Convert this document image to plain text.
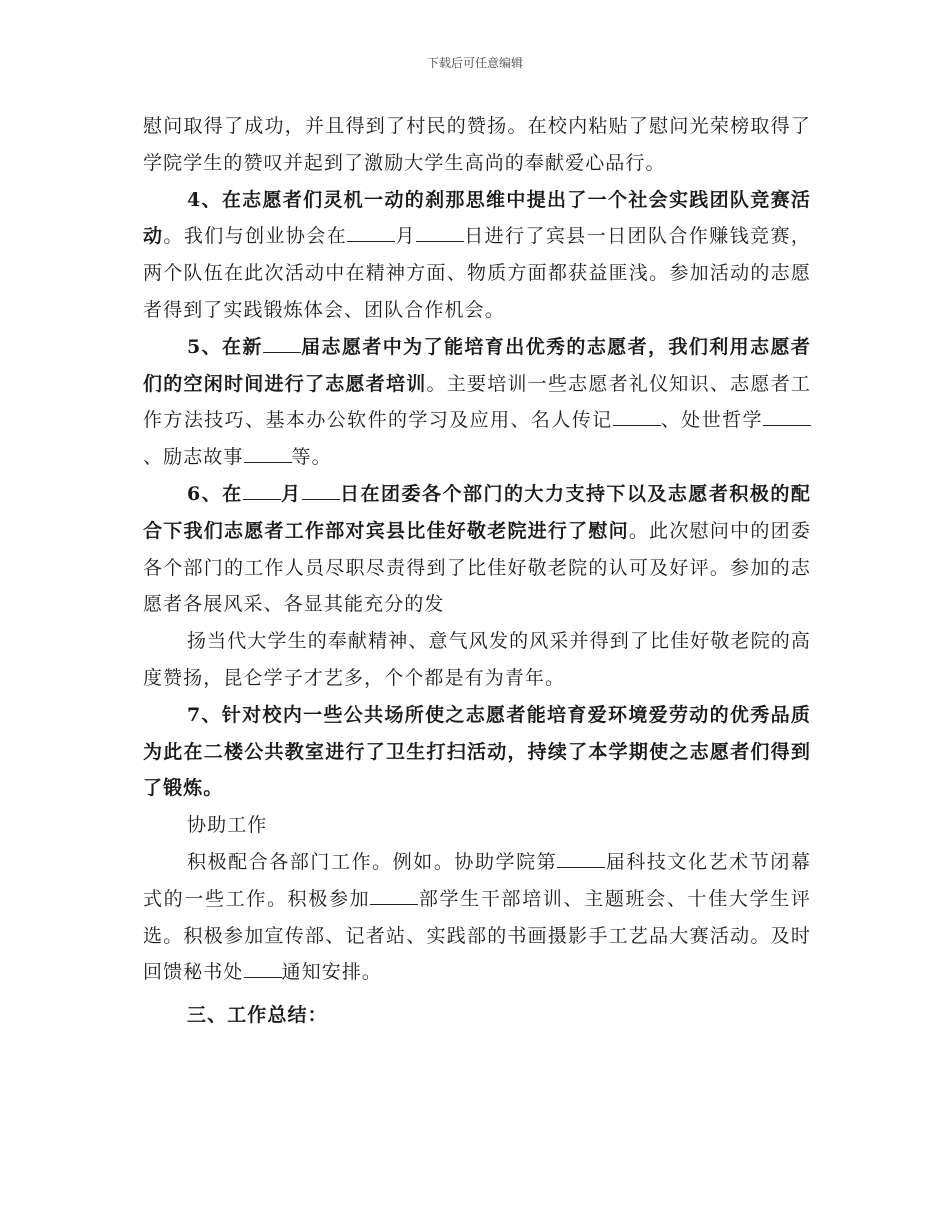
下载后可任意编辑

慰问取得了成功，并且得到了村民的赞扬。在校内粘贴了慰问光荣榜取得了学院学生的赞叹并起到了激励大学生高尚的奉献爱心品行。

4、在志愿者们灵机一动的刹那思维中提出了一个社会实践团队竞赛活动。我们与创业协会在	月	日进行了宾县一日团队合作赚钱竞赛，两个队伍在此次活动中在精神方面、物质方面都获益匪浅。参加活动的志愿者得到了实践锻炼体会、团队合作机会。

5、在新 届志愿者中为了能培育出优秀的志愿者，我们利用志愿者们的空闲时间进行了志愿者培训。主要培训一些志愿者礼仪知识、志愿者工作方法技巧、基本办公软件的学习及应用、名人传记	、处世哲学、励志故事	等。

6、在 月 日在团委各个部门的大力支持下以及志愿者积极的配合下我们志愿者工作部对宾县比佳好敬老院进行了慰问。此次慰问中的团委各个部门的工作人员尽职尽责得到了比佳好敬老院的认可及好评。参加的志愿者各展风采、各显其能充分的发

扬当代大学生的奉献精神、意气风发的风采并得到了比佳好敬老院的高度赞扬，昆仑学子才艺多，个个都是有为青年。

7、针对校内一些公共场所使之志愿者能培育爱环境爱劳动的优秀品质为此在二楼公共教室进行了卫生打扫活动，持续了本学期使之志愿者们得到了锻炼。

协助工作

积极配合各部门工作。例如。协助学院第	届科技文化艺术节闭幕式的一些工作。积极参加	部学生干部培训、主题班会、十佳大学生评选。积极参加宣传部、记者站、实践部的书画摄影手工艺品大赛活动。及时回馈秘书处 通知安排。

三、工作总结：
